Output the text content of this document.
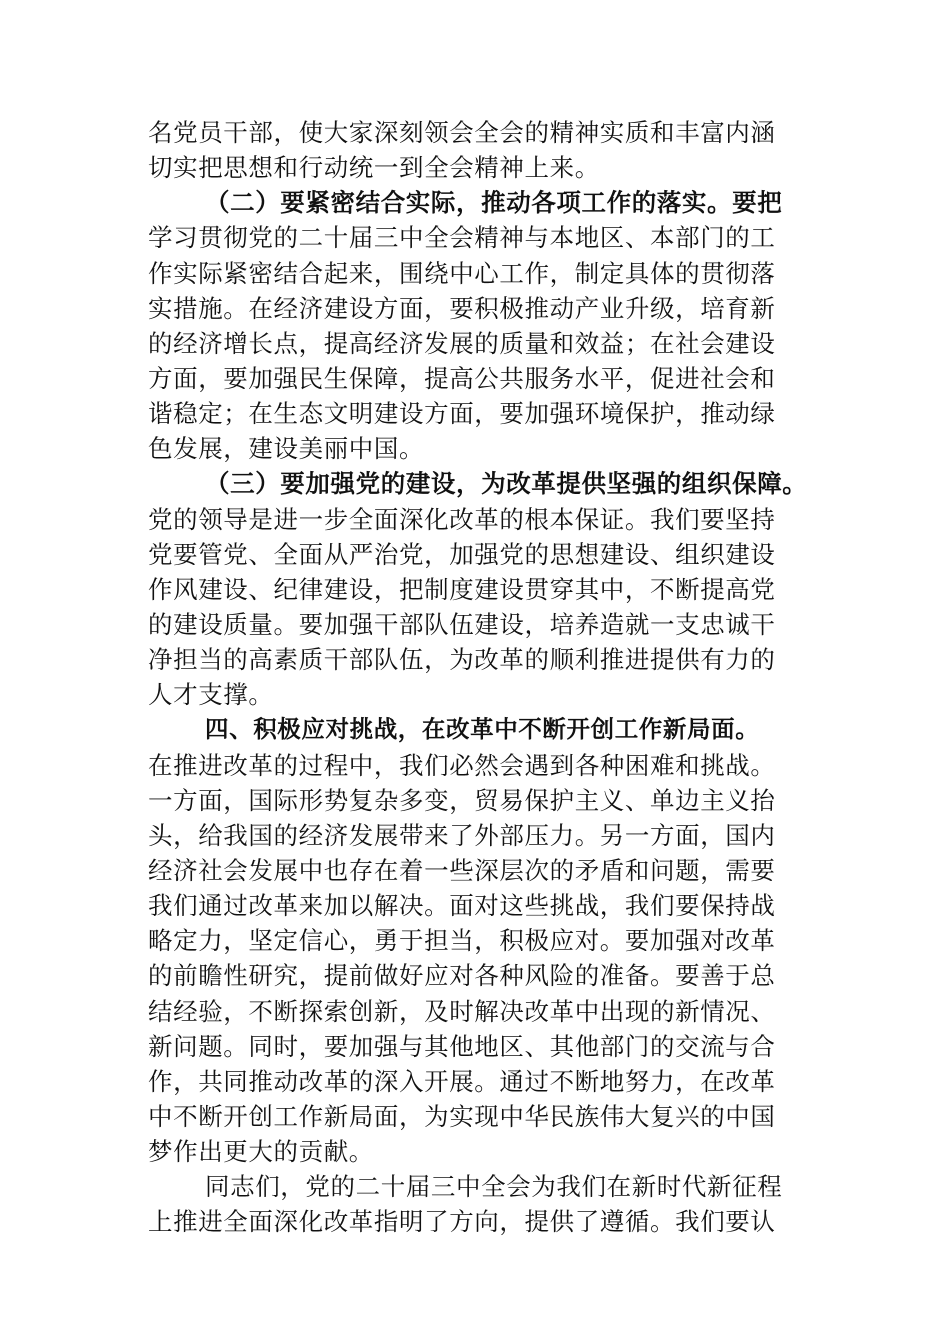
名党员干部，使大家深刻领会全会的精神实质和丰富内涵
切实把思想和行动统一到全会精神上来。
（二）要紧密结合实际，推动各项工作的落实。要把
学习贯彻党的二十届三中全会精神与本地区、本部门的工
作实际紧密结合起来，围绕中心工作，制定具体的贯彻落
实措施。在经济建设方面，要积极推动产业升级，培育新
的经济增长点，提高经济发展的质量和效益；在社会建设
方面，要加强民生保障，提高公共服务水平，促进社会和
谐稳定；在生态文明建设方面，要加强环境保护，推动绿
色发展，建设美丽中国。
（三）要加强党的建设，为改革提供坚强的组织保障。
党的领导是进一步全面深化改革的根本保证。我们要坚持
党要管党、全面从严治党，加强党的思想建设、组织建设
作风建设、纪律建设，把制度建设贯穿其中，不断提高党
的建设质量。要加强干部队伍建设，培养造就一支忠诚干
净担当的高素质干部队伍，为改革的顺利推进提供有力的
人才支撑。
四、积极应对挑战，在改革中不断开创工作新局面。
在推进改革的过程中，我们必然会遇到各种困难和挑战。
一方面，国际形势复杂多变，贸易保护主义、单边主义抬
头，给我国的经济发展带来了外部压力。另一方面，国内
经济社会发展中也存在着一些深层次的矛盾和问题，需要
我们通过改革来加以解决。面对这些挑战，我们要保持战
略定力，坚定信心，勇于担当，积极应对。要加强对改革
的前瞻性研究，提前做好应对各种风险的准备。要善于总
结经验，不断探索创新，及时解决改革中出现的新情况、
新问题。同时，要加强与其他地区、其他部门的交流与合
作，共同推动改革的深入开展。通过不断地努力，在改革
中不断开创工作新局面，为实现中华民族伟大复兴的中国
梦作出更大的贡献。
同志们，党的二十届三中全会为我们在新时代新征程
上推进全面深化改革指明了方向，提供了遵循。我们要认
